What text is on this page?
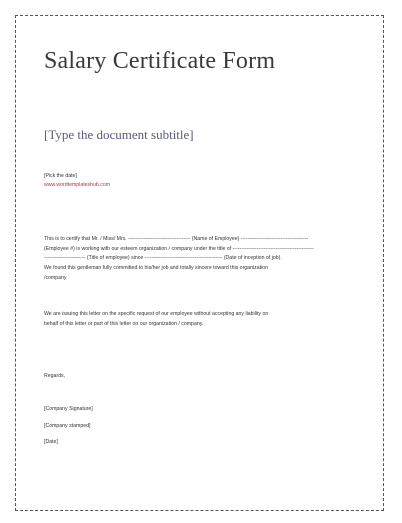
Salary Certificate Form
[Type the document subtitle]
[Pick the date]
www.wordtemplateshub.com
This is to certify that Mr. / Miss/ Mrs. ------------------------------------ (Name of Employee) ---------------------------------------
(Employee #) is working with our esteem organization / company under the title of -----------------------------------------------
------------------------ (Title of employee) since --------------------------------------------- (Date of inception of job).
We found this gentleman fully committed to his/her job and totally sincere toward this organization
/company
We are issuing this letter on the specific request of our employee without accepting any liability on
behalf of this letter or part of this letter on our organization / company.
Regards,
[Company Signature]
[Company stamped]
[Date]
